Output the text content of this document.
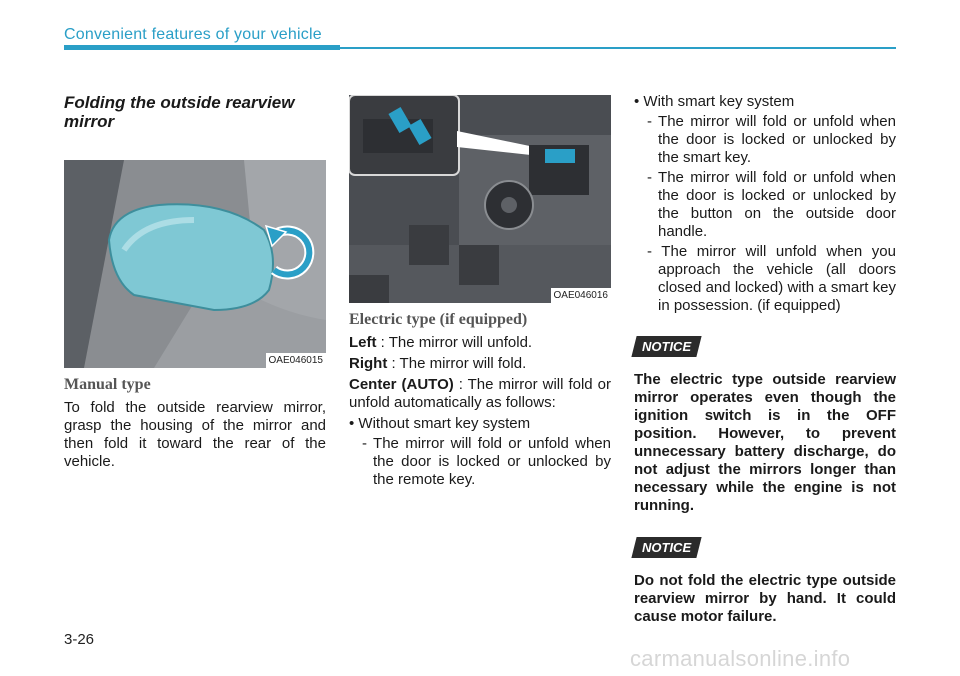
Convenient features of your vehicle
Folding the outside rearview mirror
OAE046015
Manual type

To fold the outside rearview mirror, grasp the housing of the mirror and then fold it toward the rear of the vehicle.

OAE046016
Electric type (if equipped)

Left : The mirror will unfold.

Right : The mirror will fold.

Center (AUTO) : The mirror will fold or unfold automatically as follows:

• Without smart key system

- The mirror will fold or unfold when the door is locked or unlocked by the remote key.

• With smart key system

- The mirror will fold or unfold when the door is locked or unlocked by the smart key.

- The mirror will fold or unfold when the door is locked or unlocked by the button on the outside door handle.

- The mirror will unfold when you approach the vehicle (all doors closed and locked) with a smart key in possession. (if equipped)

NOTICE

The electric type outside rearview mirror operates even though the ignition switch is in the OFF position. However, to prevent unnecessary battery discharge, do not adjust the mirrors longer than necessary while the engine is not running.

NOTICE

Do not fold the electric type outside rearview mirror by hand. It could cause motor failure.

3-26
carmanualsonline.info
